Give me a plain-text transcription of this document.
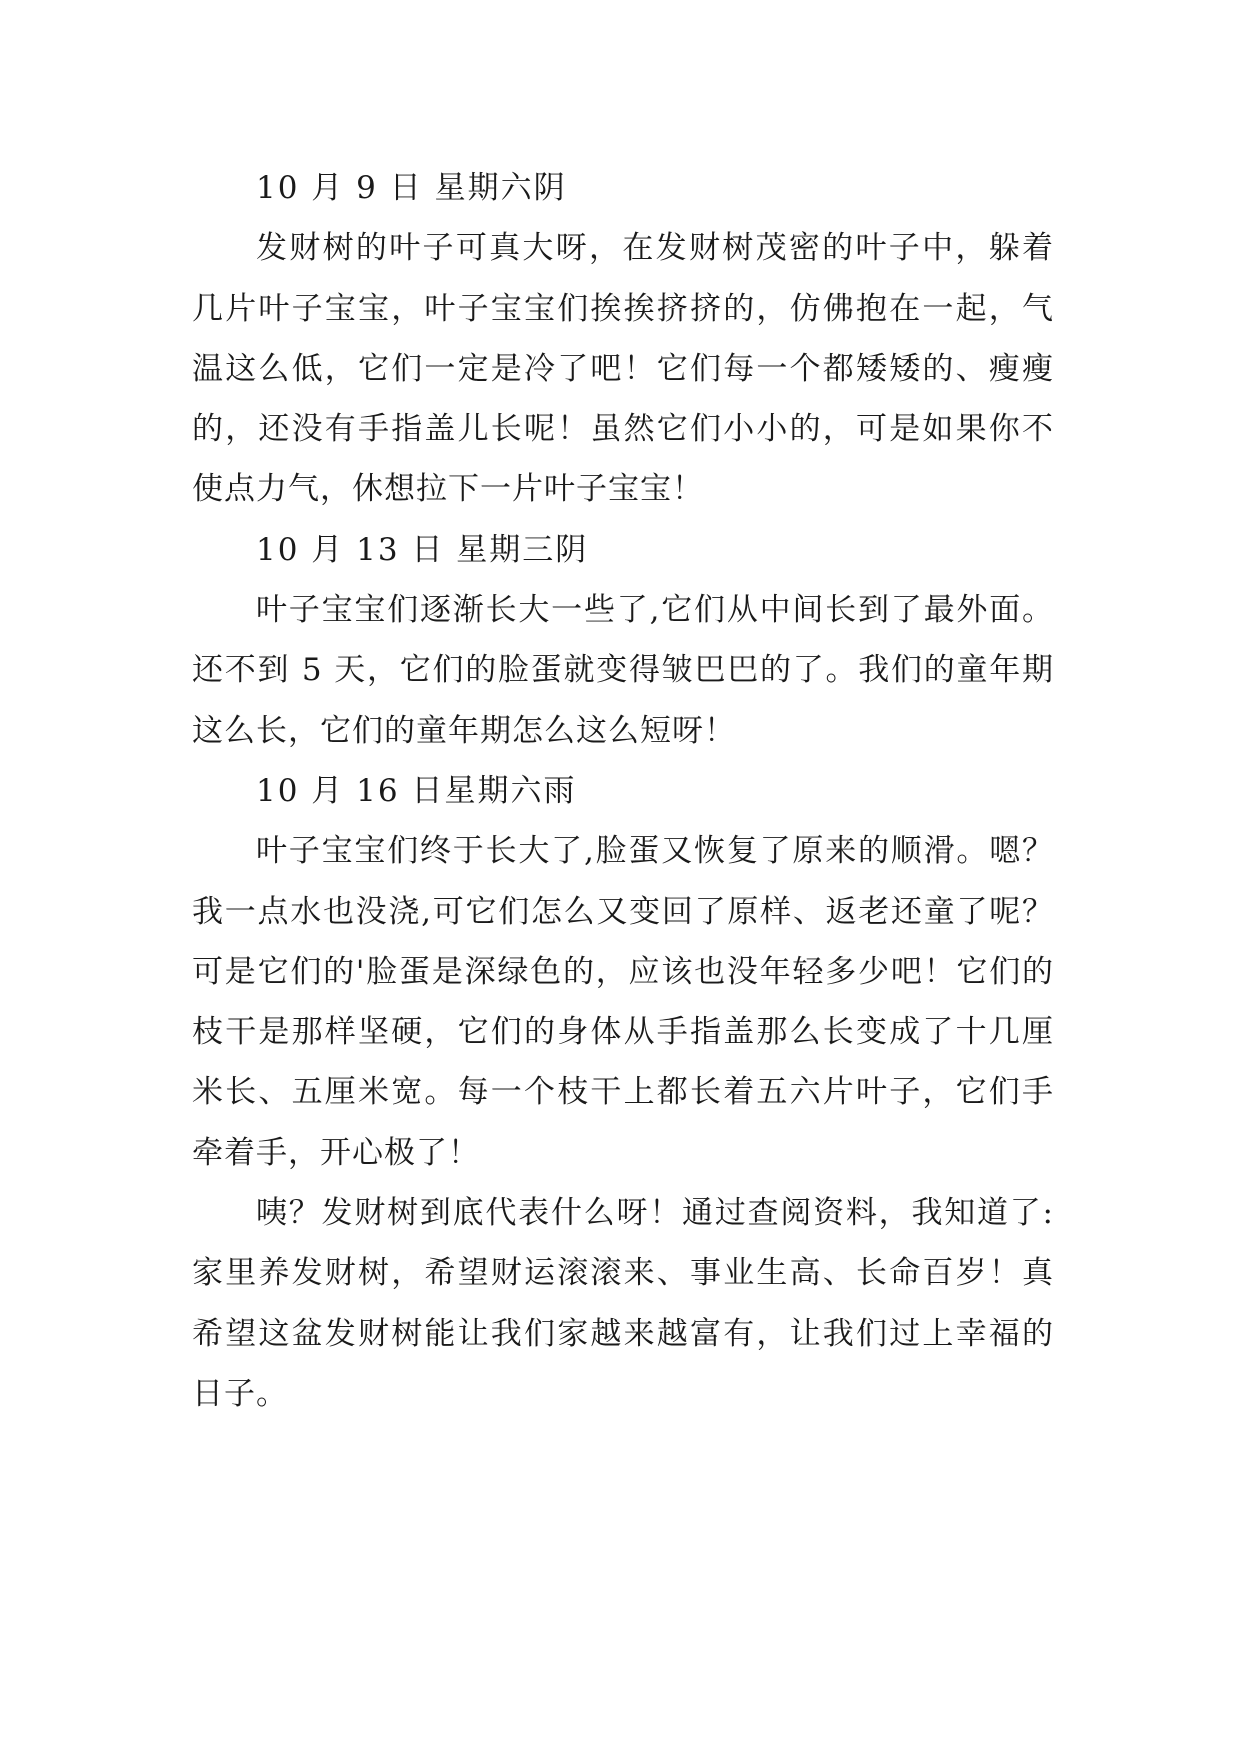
10 月 9 日 星期六阴

发财树的叶子可真大呀，在发财树茂密的叶子中，躲着几片叶子宝宝，叶子宝宝们挨挨挤挤的，仿佛抱在一起，气温这么低，它们一定是冷了吧！它们每一个都矮矮的、瘦瘦的，还没有手指盖儿长呢！虽然它们小小的，可是如果你不使点力气，休想拉下一片叶子宝宝！

10 月 13 日 星期三阴

叶子宝宝们逐渐长大一些了,它们从中间长到了最外面。还不到 5 天，它们的脸蛋就变得皱巴巴的了。我们的童年期这么长，它们的童年期怎么这么短呀！

10 月 16 日星期六雨

叶子宝宝们终于长大了,脸蛋又恢复了原来的顺滑。嗯？我一点水也没浇,可它们怎么又变回了原样、返老还童了呢？可是它们的'脸蛋是深绿色的，应该也没年轻多少吧！它们的枝干是那样坚硬，它们的身体从手指盖那么长变成了十几厘米长、五厘米宽。每一个枝干上都长着五六片叶子，它们手牵着手，开心极了！

咦？发财树到底代表什么呀！通过查阅资料，我知道了:家里养发财树，希望财运滚滚来、事业生高、长命百岁！真希望这盆发财树能让我们家越来越富有，让我们过上幸福的日子。
